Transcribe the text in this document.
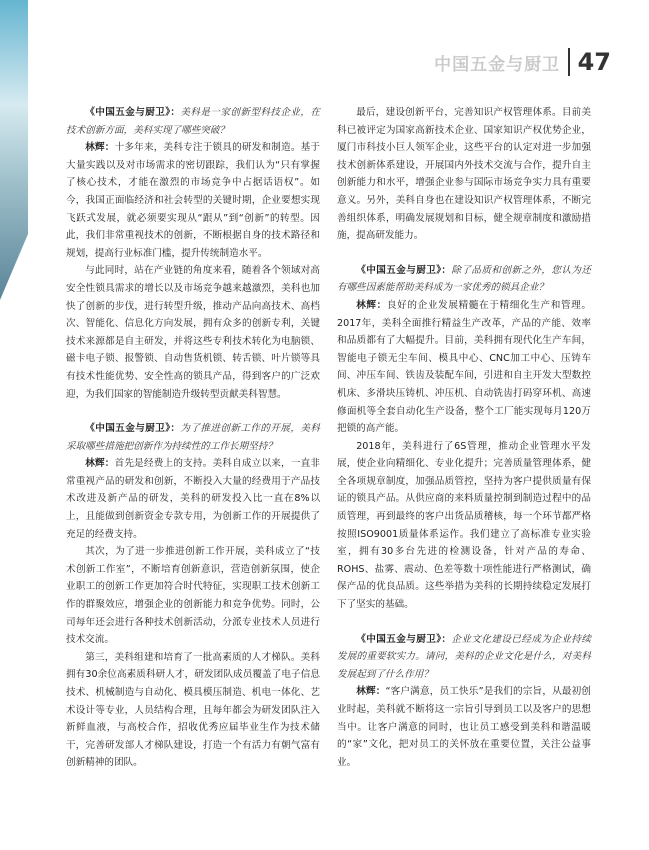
中国五金与厨卫 47

《中国五金与厨卫》：美科是一家创新型科技企业，在技术创新方面，美科实现了哪些突破？

林辉：十多年来，美科专注于锁具的研发和制造。基于大量实践以及对市场需求的密切跟踪，我们认为“只有掌握了核心技术，才能在激烈的市场竞争中占据话语权”。如今，我国正面临经济和社会转型的关键时期，企业要想实现飞跃式发展，就必须要实现从“跟从”到“创新”的转型。因此，我们非常重视技术的创新，不断根据自身的技术路径和规划，提高行业标准门槛，提升传统制造水平。

与此同时，站在产业链的角度来看，随着各个领域对高安全性锁具需求的增长以及市场竞争越来越激烈，美科也加快了创新的步伐，进行转型升级，推动产品向高技术、高档次、智能化、信息化方向发展，拥有众多的创新专利，关键技术来源都是自主研发，并将这些专利技术转化为电脑锁、磁卡电子锁、报警锁、自动售货机锁、转舌锁、叶片锁等具有技术性能优势、安全性高的锁具产品，得到客户的广泛欢迎，为我们国家的智能制造升级转型贡献美科智慧。

《中国五金与厨卫》：为了推进创新工作的开展，美科采取哪些措施把创新作为持续性的工作长期坚持？

林辉：首先是经费上的支持。美科自成立以来，一直非常重视产品的研发和创新，不断投入大量的经费用于产品技术改进及新产品的研发，美科的研发投入比一直在8%以上，且能做到创新资金专款专用，为创新工作的开展提供了充足的经费支持。

其次，为了进一步推进创新工作开展，美科成立了“技术创新工作室”，不断培育创新意识，营造创新氛围，使企业职工的创新工作更加符合时代特征，实现职工技术创新工作的群聚效应，增强企业的创新能力和竞争优势。同时，公司每年还会进行各种技术创新活动，分派专业技术人员进行技术交流。

第三，美科组建和培育了一批高素质的人才梯队。美科拥有30余位高素质科研人才，研发团队成员覆盖了电子信息技术、机械制造与自动化、模具模压制造、机电一体化、艺术设计等专业，人员结构合理，且每年都会为研发团队注入新鲜血液，与高校合作，招收优秀应届毕业生作为技术储干，完善研发部人才梯队建设，打造一个有活力有朝气富有创新精神的团队。

最后，建设创新平台，完善知识产权管理体系。目前美科已被评定为国家高新技术企业、国家知识产权优势企业，厦门市科技小巨人领军企业，这些平台的认定对进一步加强技术创新体系建设，开展国内外技术交流与合作，提升自主创新能力和水平，增强企业参与国际市场竞争实力具有重要意义。另外，美科自身也在建设知识产权管理体系，不断完善组织体系，明确发展规划和目标，健全规章制度和激励措施，提高研发能力。

《中国五金与厨卫》：除了品质和创新之外，您认为还有哪些因素能帮助美科成为一家优秀的锁具企业？

林辉：良好的企业发展精髓在于精细化生产和管理。2017年，美科全面推行精益生产改革，产品的产能、效率和品质都有了大幅提升。目前，美科拥有现代化生产车间，智能电子锁无尘车间、模具中心、CNC加工中心、压铸车间、冲压车间、铁齿及装配车间，引进和自主开发大型数控机床、多滑块压铸机、冲压机、自动铣齿打码穿环机、高速修面机等全套自动化生产设备，整个工厂能实现每月120万把锁的高产能。

2018年，美科进行了6S管理，推动企业管理水平发展，使企业向精细化、专业化提升；完善质量管理体系，健全各项规章制度，加强品质管控，坚持为客户提供质量有保证的锁具产品。从供应商的来料质量控制到制造过程中的品质管理，再到最终的客户出货品质稽核，每一个环节都严格按照ISO9001质量体系运作。我们建立了高标准专业实验室，拥有30多台先进的检测设备，针对产品的寿命、ROHS、盐雾、震动、色差等数十项性能进行严格测试，确保产品的优良品质。这些举措为美科的长期持续稳定发展打下了坚实的基础。

《中国五金与厨卫》：企业文化建设已经成为企业持续发展的重要软实力。请问，美科的企业文化是什么，对美科发展起到了什么作用？

林辉：“客户满意，员工快乐”是我们的宗旨，从最初创业时起，美科就不断将这一宗旨引导到员工以及客户的思想当中。让客户满意的同时，也让员工感受到美科和谐温暖的“家”文化，把对员工的关怀放在重要位置，关注公益事业。
